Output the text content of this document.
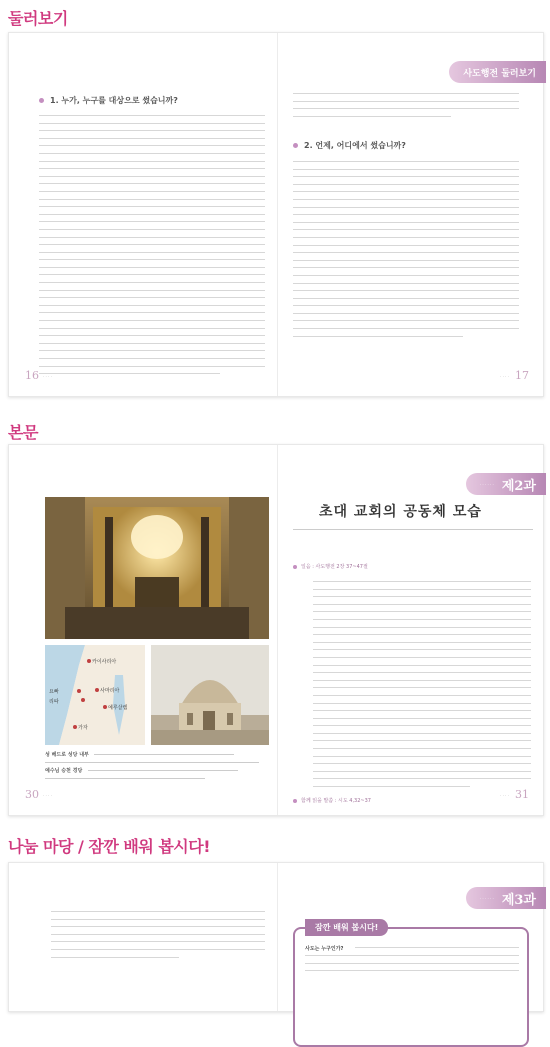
둘러보기
1. 누가, 누구를 대상으로 썼습니까?
16 · · · ·
사도행전 둘러보기
2. 언제, 어디에서 썼습니까?
17
· · · ·
본문
카이사리아
사마리아
예루살렘
가자
리따
요빠
성 베드로 성당 내부

예수님 승천 경당

30 · · · ·
· · · · · · 제2과
초대 교회의 공동체 모습
일음 : 사도행전 2장 37~47절
함께 읽을 말씀 : 시도 4,32~37	31
· · · ·
나눔 마당 / 잠깐 배워 봅시다!
· · · · · · 제3과
잠깐 배워 봅시다!
사도는 누구인가?
